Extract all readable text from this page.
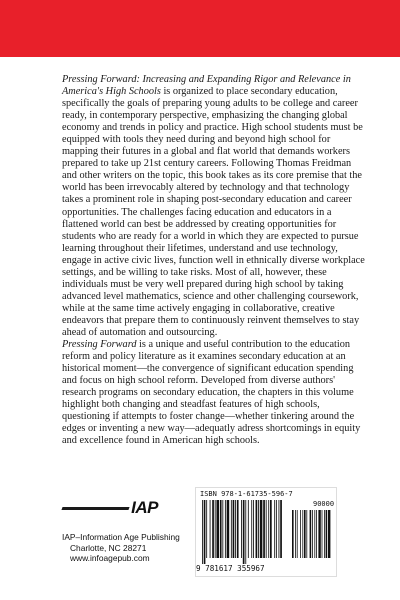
Pressing Forward: Increasing and Expanding Rigor and Relevance in America's High Schools is organized to place secondary education, specifically the goals of preparing young adults to be college and career ready, in contemporary perspective, emphasizing the changing global economy and trends in policy and practice. High school students must be equipped with tools they need during and beyond high school for mapping their futures in a global and flat world that demands workers prepared to take up 21st century careers. Following Thomas Freidman and other writers on the topic, this book takes as its core premise that the world has been irrevocably altered by technology and that technology takes a prominent role in shaping post-secondary education and career opportunities. The challenges facing education and educators in a flattened world can best be addressed by creating opportunities for students who are ready for a world in which they are expected to pursue learning throughout their lifetimes, understand and use technology, engage in active civic lives, function well in ethnically diverse workplace settings, and be willing to take risks. Most of all, however, these individuals must be very well prepared during high school by taking advanced level mathematics, science and other challenging coursework, while at the same time actively engaging in collaborative, creative endeavors that prepare them to continuously reinvent themselves to stay ahead of automation and outsourcing.

Pressing Forward is a unique and useful contribution to the education reform and policy literature as it examines secondary education at an historical moment—the convergence of significant education spending and focus on high school reform. Developed from diverse authors' research programs on secondary education, the chapters in this volume highlight both changing and steadfast features of high schools, questioning if attempts to foster change—whether tinkering around the edges or inventing a new way—adequatly adress shortcomings in equity and excellence found in American high schools.

IAP
IAP–Information Age Publishing
Charlotte, NC 28271
www.infoagepub.com
ISBN 978-1-61735-596-7
90000
9 781617 355967
